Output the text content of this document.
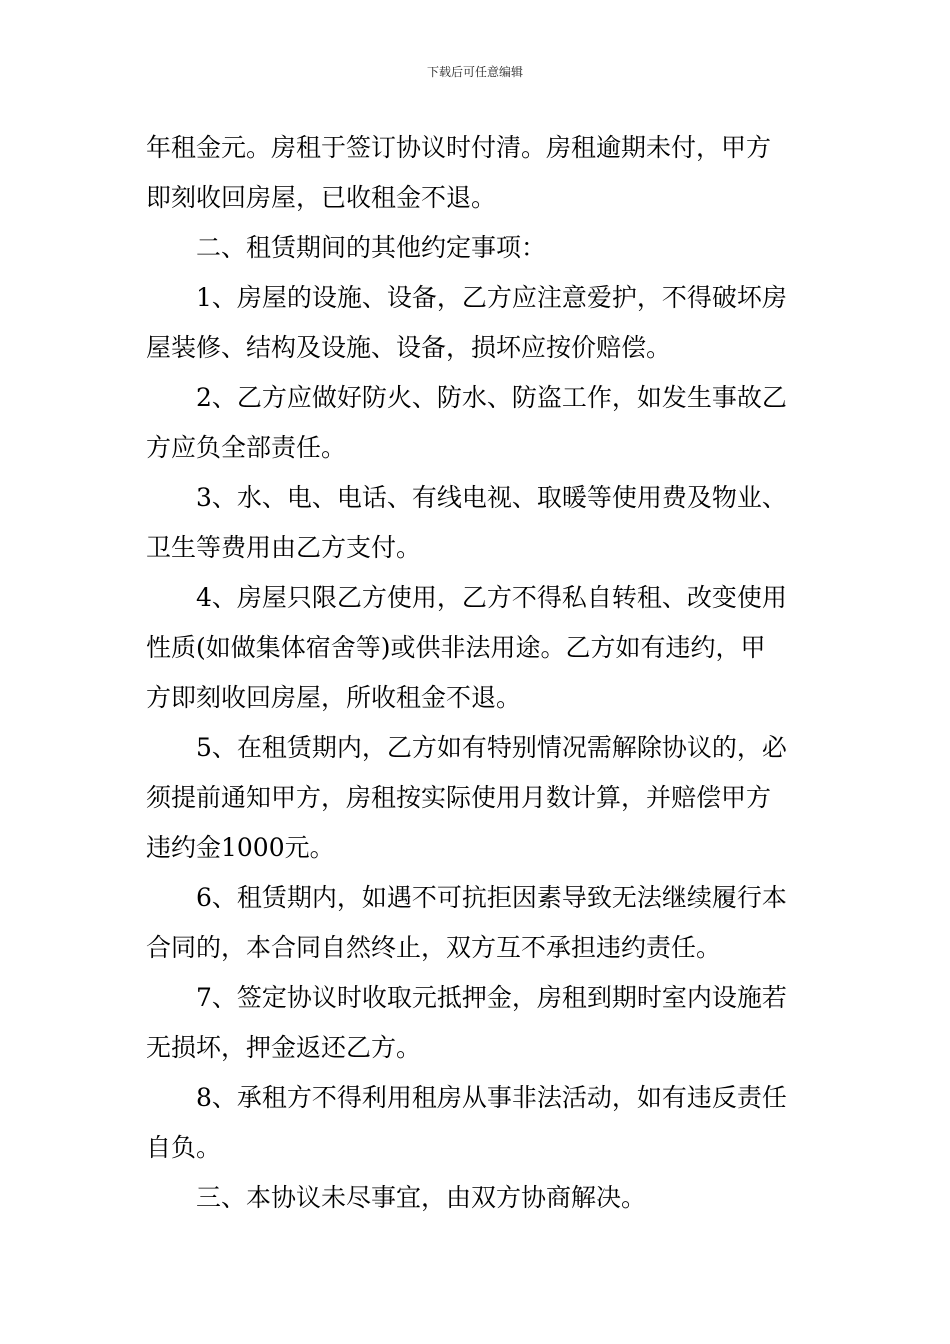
下载后可任意编辑
年租金元。房租于签订协议时付清。房租逾期未付，甲方
即刻收回房屋，已收租金不退。
二、租赁期间的其他约定事项：
1、房屋的设施、设备，乙方应注意爱护，不得破坏房
屋装修、结构及设施、设备，损坏应按价赔偿。
2、乙方应做好防火、防水、防盗工作，如发生事故乙
方应负全部责任。
3、水、电、电话、有线电视、取暖等使用费及物业、
卫生等费用由乙方支付。
4、房屋只限乙方使用，乙方不得私自转租、改变使用
性质(如做集体宿舍等)或供非法用途。乙方如有违约，甲
方即刻收回房屋，所收租金不退。
5、在租赁期内，乙方如有特别情况需解除协议的，必
须提前通知甲方，房租按实际使用月数计算，并赔偿甲方
违约金1000元。
6、租赁期内，如遇不可抗拒因素导致无法继续履行本
合同的，本合同自然终止，双方互不承担违约责任。
7、签定协议时收取元抵押金，房租到期时室内设施若
无损坏，押金返还乙方。
8、承租方不得利用租房从事非法活动，如有违反责任
自负。
三、本协议未尽事宜，由双方协商解决。
